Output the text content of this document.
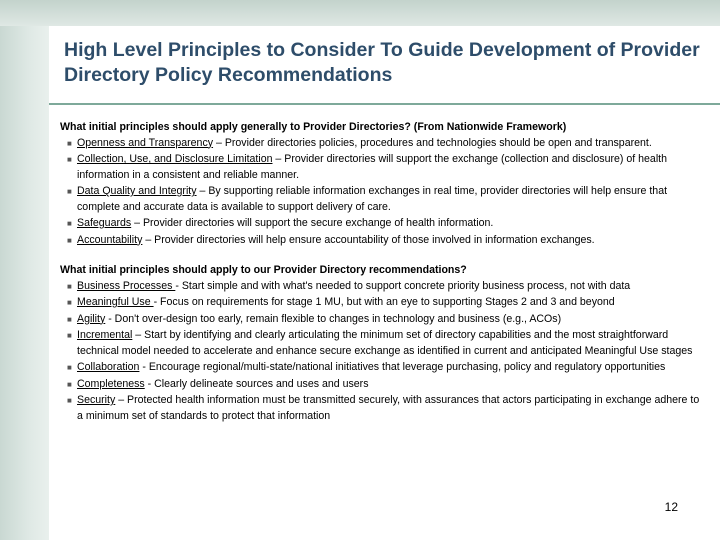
High Level Principles to Consider To Guide Development of Provider Directory Policy Recommendations

What initial principles should apply generally to Provider Directories? (From Nationwide Framework)

■ Openness and Transparency – Provider directories policies, procedures and technologies should be open and transparent.
■ Collection, Use, and Disclosure Limitation – Provider directories will support the exchange (collection and disclosure) of health information in a consistent and reliable manner.
■ Data Quality and Integrity – By supporting reliable information exchanges in real time, provider directories will help ensure that complete and accurate data is available to support delivery of care.
■ Safeguards – Provider directories will support the secure exchange of health information.
■ Accountability – Provider directories will help ensure accountability of those involved in information exchanges.

What initial principles should apply to our Provider Directory recommendations?

■ Business Processes - Start simple and with what's needed to support concrete priority business process, not with data
■ Meaningful Use - Focus on requirements for stage 1 MU, but with an eye to supporting Stages 2 and 3 and beyond
■ Agility - Don't over-design too early, remain flexible to changes in technology and business (e.g., ACOs)
■ Incremental – Start by identifying and clearly articulating the minimum set of directory capabilities and the most straightforward technical model needed to accelerate and enhance secure exchange as identified in current and anticipated Meaningful Use stages
■ Collaboration - Encourage regional/multi-state/national initiatives that leverage purchasing, policy and regulatory opportunities
■ Completeness - Clearly delineate sources and uses and users
■ Security – Protected health information must be transmitted securely, with assurances that actors participating in exchange adhere to a minimum set of standards to protect that information
12
